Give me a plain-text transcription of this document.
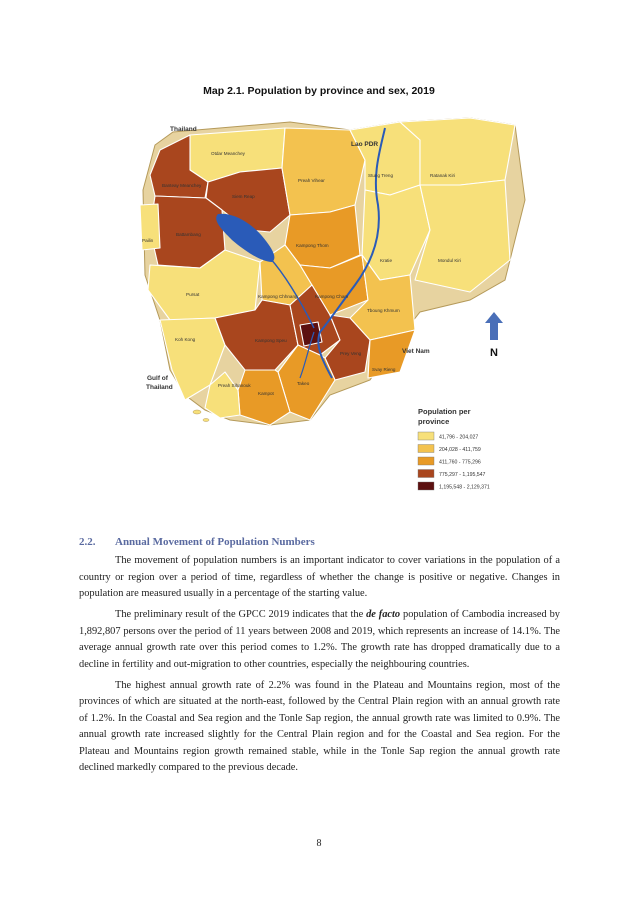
Map 2.1. Population by province and sex, 2019
Thailand
Lao PDR
Viet Nam
Gulf of
Thailand
Otdar Meanchey
Banteay Meanchey
Siem Reap
Preah Vihear
Stung Treng	Ratanak Kiri
Battambang
Pailin
Kampong Thom
Kratie	Mondul Kiri
Pursat	Kampong Chhnang	Kampong Cham
Tboung Khmum
Koh Kong	Kampong Speu
Prey Veng
Svay Rieng
Takeo
Kampot
Preah Sihanouk
N
Population per
province
41,796 - 204,027
204,028 - 411,759
411,760 - 775,296
775,297 - 1,195,547
1,195,548 - 2,129,371
2.2. Annual Movement of Population Numbers

The movement of population numbers is an important indicator to cover variations in the population of a country or region over a period of time, regardless of whether the change is positive or negative. Changes in population are measured usually in a percentage of the starting value.

The preliminary result of the GPCC 2019 indicates that the de facto population of Cambodia increased by 1,892,807 persons over the period of 11 years between 2008 and 2019, which represents an increase of 14.1%. The average annual growth rate over this period comes to 1.2%. The growth rate has dropped dramatically due to a decline in fertility and out-migration to other countries, especially the neighbouring countries.

The highest annual growth rate of 2.2% was found in the Plateau and Mountains region, most of the provinces of which are situated at the north-east, followed by the Central Plain region with an annual growth rate of 1.2%. In the Coastal and Sea region and the Tonle Sap region, the annual growth rate was limited to 0.9%. The annual growth rate increased slightly for the Central Plain region and for the Coastal and Sea region. For the Plateau and Mountains region growth remained stable, while in the Tonle Sap region the annual growth rate declined markedly compared to the previous decade.

8
